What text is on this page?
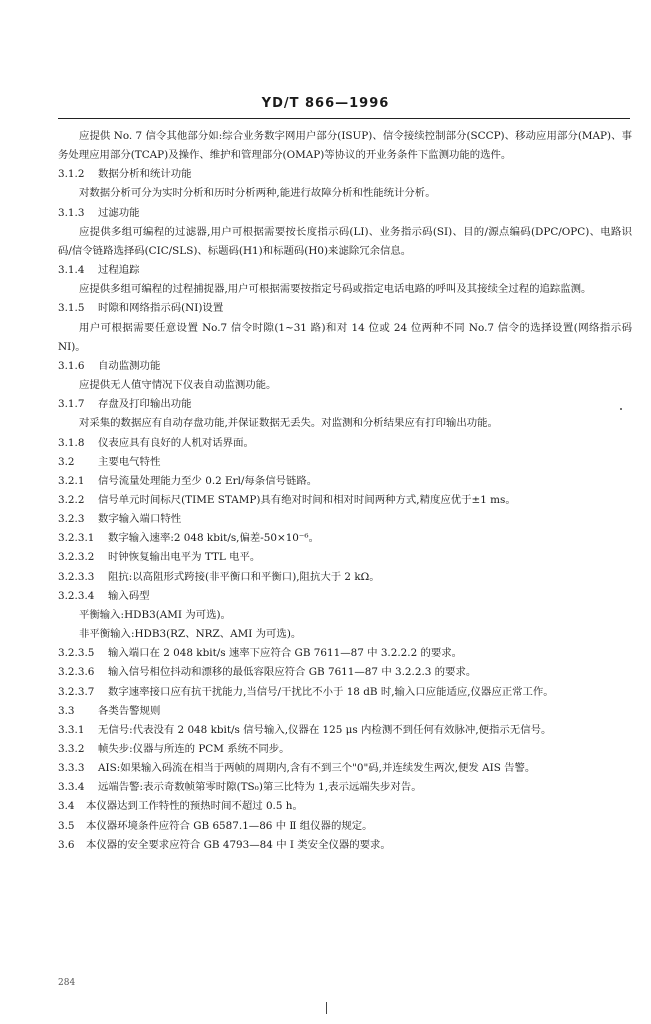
YD/T 866—1996
应提供 No. 7 信令其他部分如:综合业务数字网用户部分(ISUP)、信令接续控制部分(SCCP)、移动应用部分(MAP)、事务处理应用部分(TCAP)及操作、维护和管理部分(OMAP)等协议的开业务条件下监测功能的选件。
3.1.2 数据分析和统计功能
对数据分析可分为实时分析和历时分析两种,能进行故障分析和性能统计分析。
3.1.3 过滤功能
应提供多组可编程的过滤器,用户可根据需要按长度指示码(LI)、业务指示码(SI)、目的/源点编码(DPC/OPC)、电路识码/信令链路选择码(CIC/SLS)、标题码(H1)和标题码(H0)来滤除冗余信息。
3.1.4 过程追踪
应提供多组可编程的过程捕捉器,用户可根据需要按指定号码或指定电话电路的呼叫及其接续全过程的追踪监测。
3.1.5 时隙和网络指示码(NI)设置
用户可根据需要任意设置 No.7 信令时隙(1~31 路)和对 14 位或 24 位两种不同 No.7 信令的选择设置(网络指示码 NI)。
3.1.6 自动监测功能
应提供无人值守情况下仪表自动监测功能。
3.1.7 存盘及打印输出功能
对采集的数据应有自动存盘功能,并保证数据无丢失。对监测和分析结果应有打印输出功能。
3.1.8 仪表应具有良好的人机对话界面。
3.2 主要电气特性
3.2.1 信号流量处理能力至少 0.2 Erl/每条信号链路。
3.2.2 信号单元时间标尺(TIME STAMP)具有绝对时间和相对时间两种方式,精度应优于±1 ms。
3.2.3 数字输入端口特性
3.2.3.1 数字输入速率:2 048 kbit/s,偏差-50×10⁻⁶。
3.2.3.2 时钟恢复输出电平为 TTL 电平。
3.2.3.3 阻抗:以高阻形式跨接(非平衡口和平衡口),阻抗大于 2 kΩ。
3.2.3.4 输入码型
平衡输入:HDB3(AMI 为可选)。
非平衡输入:HDB3(RZ、NRZ、AMI 为可选)。
3.2.3.5 输入端口在 2 048 kbit/s 速率下应符合 GB 7611—87 中 3.2.2.2 的要求。
3.2.3.6 输入信号相位抖动和漂移的最低容限应符合 GB 7611—87 中 3.2.2.3 的要求。
3.2.3.7 数字速率接口应有抗干扰能力,当信号/干扰比不小于 18 dB 时,输入口应能适应,仪器应正常工作。
3.3 各类告警规则
3.3.1 无信号:代表没有 2 048 kbit/s 信号输入,仪器在 125 μs 内检测不到任何有效脉冲,便指示无信号。
3.3.2 帧失步:仪器与所连的 PCM 系统不同步。
3.3.3 AIS:如果输入码流在相当于两帧的周期内,含有不到三个"0"码,并连续发生两次,便发 AIS 告警。
3.3.4 远端告警:表示奇数帧第零时隙(TS₀)第三比特为 1,表示远端失步对告。
3.4 本仪器达到工作特性的预热时间不超过 0.5 h。
3.5 本仪器环境条件应符合 GB 6587.1—86 中 Ⅱ 组仪器的规定。
3.6 本仪器的安全要求应符合 GB 4793—84 中 Ⅰ 类安全仪器的要求。
284
